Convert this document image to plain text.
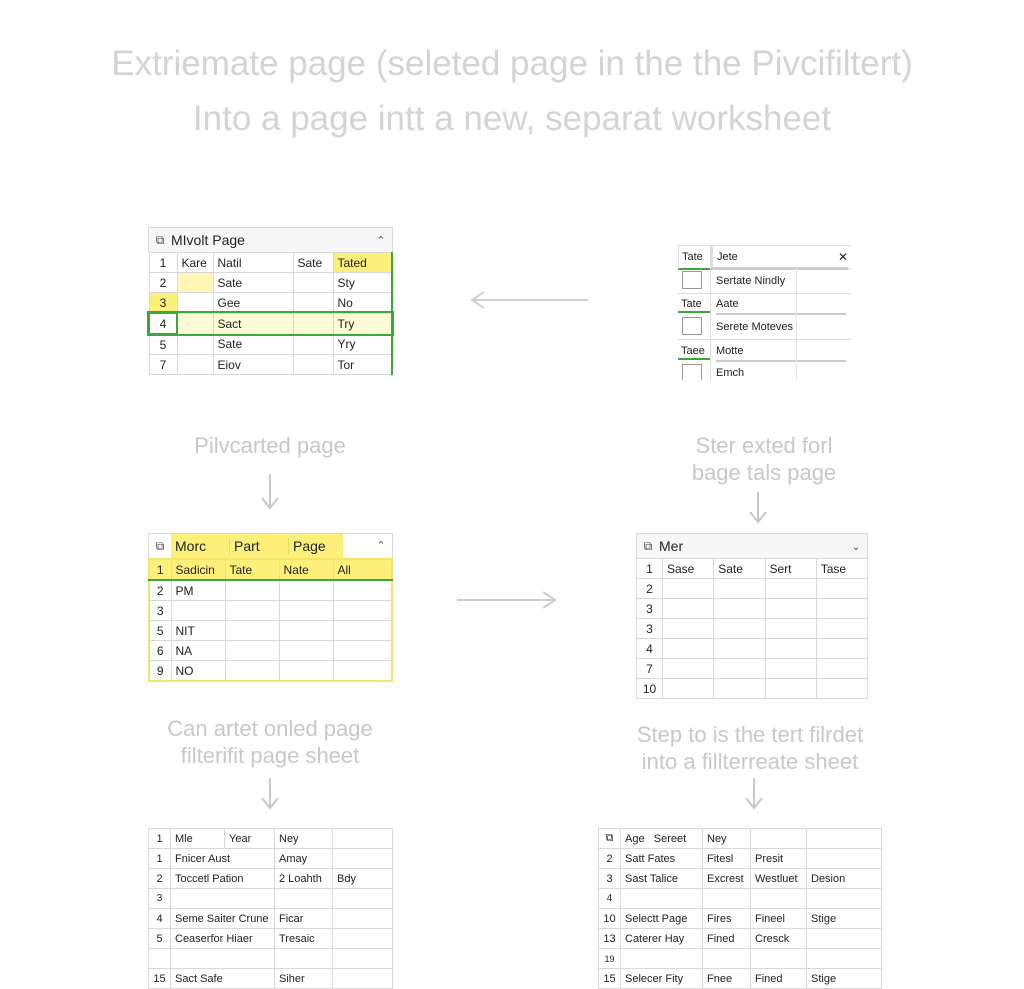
Extriemate page (seleted page in the the Pivcifiltert)
Into a page intt a new, separat worksheet
⧉ MIvolt Page	⌃
1	Kare	Natil	Sate	Tated
2		Sate		Sty
3		Gee		No
4		Sact		Try
5		Sate		Yry
7		Eiov		Tor
Tate	Jete	✕
Sertate Nindly
Tate Aate
Serete Moteves
Taee Motte
Emch
Pilvcarted page	Ster exted forl
bage tals page
⧉ Morc	Part	Page	⌃
1	Sadicin	Tate	Nate	All
2	PM			
3				
5	NIT			
6	NA			
9	NO			
⧉ Mer	⌄
1	Sase	Sate	Sert	Tase
2				
3				
3				
4				
7				
10				
Can artet onled page
filterifit page sheet
Step to is the tert filrdet
into a fillterreate sheet
1	Mle	Year	Ney	
1	Fnicer Aust		Amay	
2	Toccetl Pation		2 Loahth	Bdy
3				
4	Seme Saiter Crune		Ficar	
5	Ceaserfor Hiaer		Tresaic	

15	Sact Safe		Siher	
⧉	Age Sereet	Ney		
2	Satt Fates	Fitesl	Presit	
3	Sast Talice	Excrest	Westluet	Desion
4				
10	Selectt Page	Fires	Fineel	Stige
13	Caterer Hay	Fined	Cresck	
19				
15	Selecer Fity	Fnee	Fined	Stige
